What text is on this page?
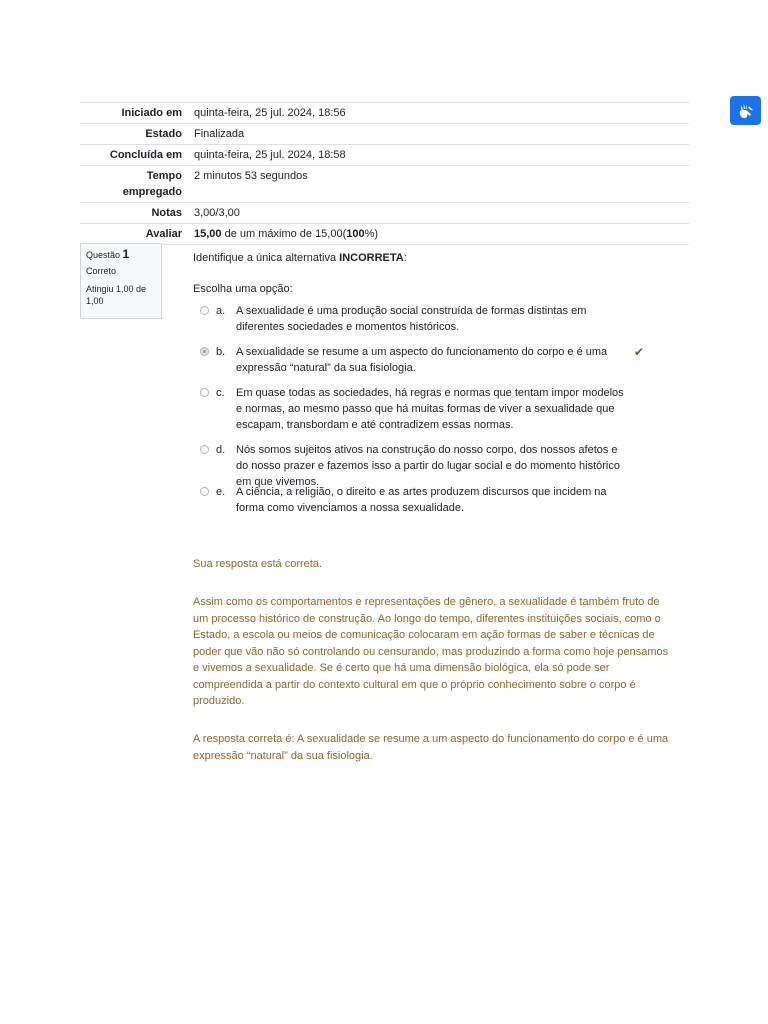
Iniciado em	quinta-feira, 25 jul. 2024, 18:56
Estado	Finalizada
Concluída em	quinta-feira, 25 jul. 2024, 18:58
Tempo empregado	2 minutos 53 segundos
Notas	3,00/3,00
Avaliar	15,00 de um máximo de 15,00(100%)
Questão 1
Correto
Atingiu 1,00 de 1,00
Identifique a única alternativa INCORRETA:
Escolha uma opção:
a. A sexualidade é uma produção social construída de formas distintas em diferentes sociedades e momentos históricos.
b. A sexualidade se resume a um aspecto do funcionamento do corpo e é uma expressão “natural” da sua fisiologia.
✔
c.	Em quase todas as sociedades, há regras e normas que tentam impor modelos e normas, ao mesmo passo que há muitas formas de viver a sexualidade que escapam, transbordam e até contradizem essas normas.
d. Nós somos sujeitos ativos na construção do nosso corpo, dos nossos afetos e do nosso prazer e fazemos isso a partir do lugar social e do momento histórico em que vivemos.
e. A ciência, a religião, o direito e as artes produzem discursos que incidem na forma como vivenciamos a nossa sexualidade.
Sua resposta está correta.
Assim como os comportamentos e representações de gênero, a sexualidade é também fruto de um processo histórico de construção. Ao longo do tempo, diferentes instituições sociais, como o Estado, a escola ou meios de comunicação colocaram em ação formas de saber e técnicas de poder que vão não só controlando ou censurando, mas produzindo a forma como hoje pensamos e vivemos a sexualidade. Se é certo que há uma dimensão biológica, ela só pode ser compreendida a partir do contexto cultural em que o próprio conhecimento sobre o corpo é produzido.
A resposta correta é: A sexualidade se resume a um aspecto do funcionamento do corpo e é uma expressão “natural” da sua fisiologia.
